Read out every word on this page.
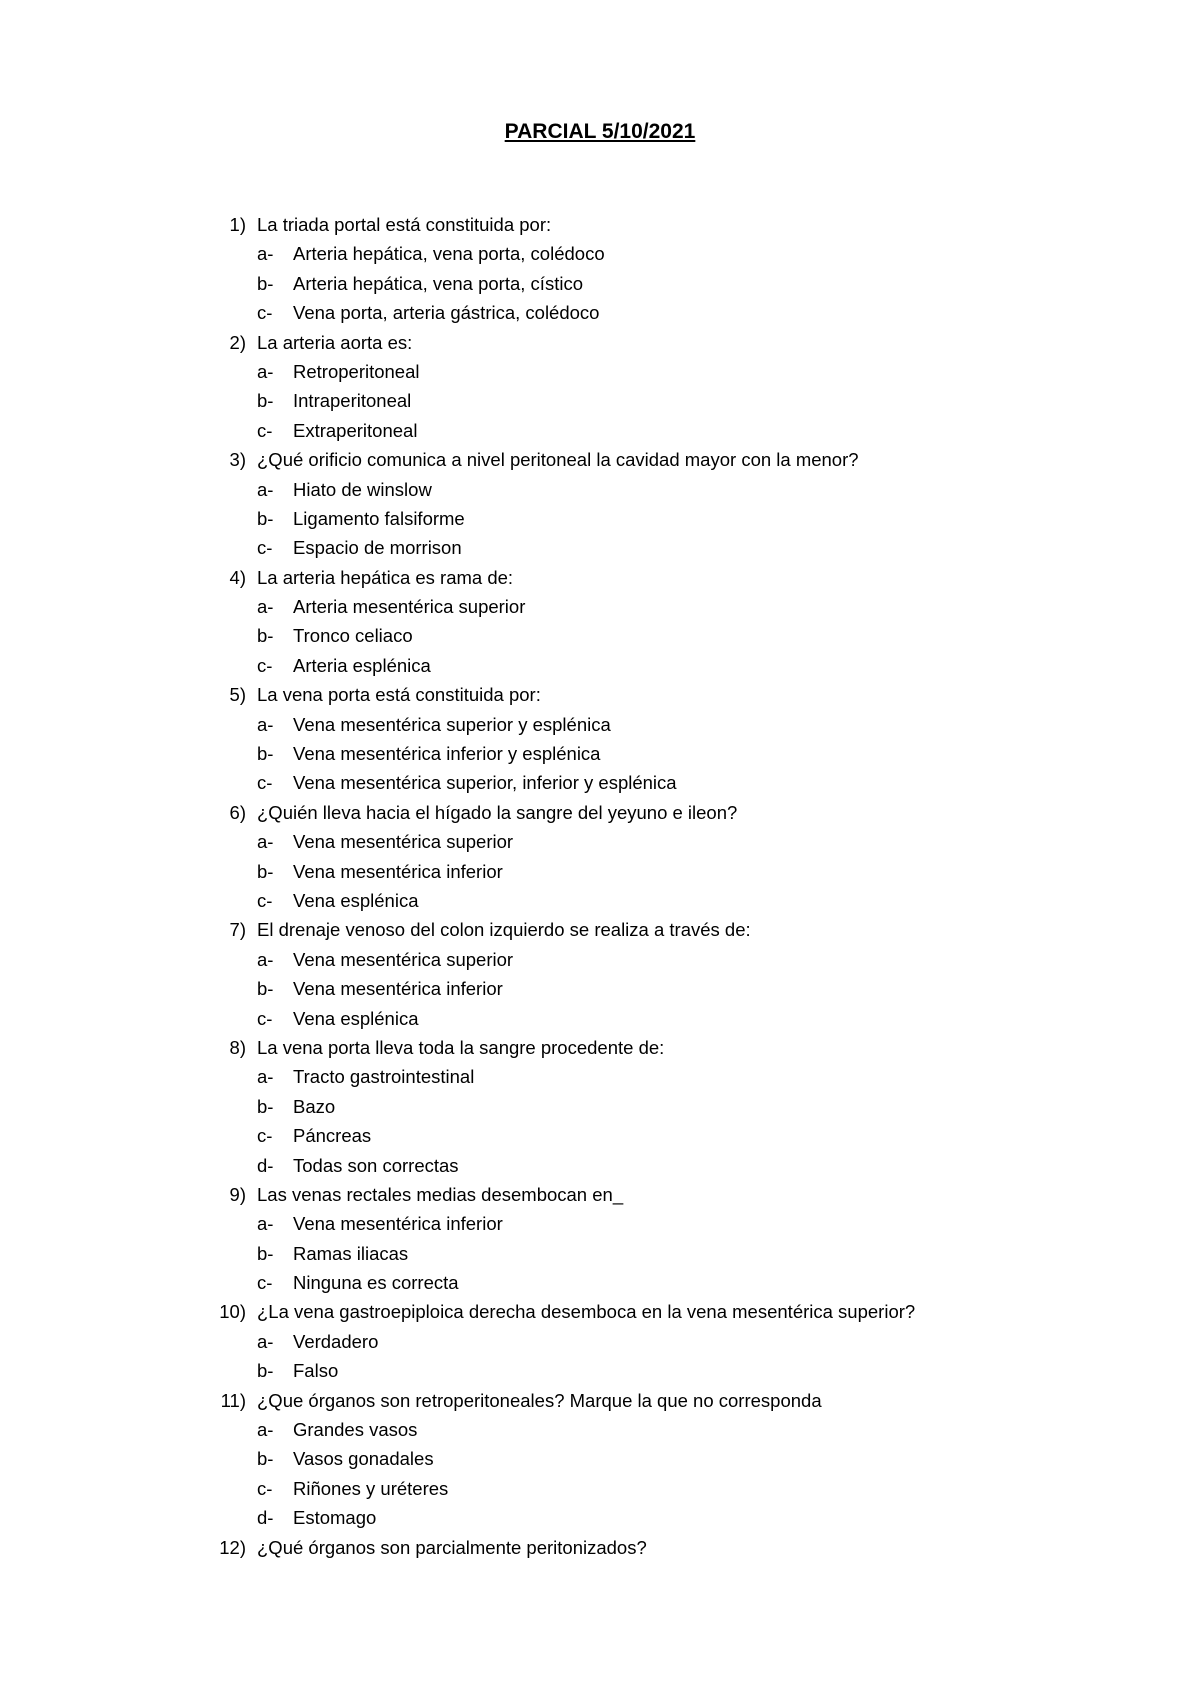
PARCIAL 5/10/2021
1) La triada portal está constituida por:
a-	Arteria hepática, vena porta, colédoco
b-	Arteria hepática, vena porta, cístico
c-	Vena porta, arteria gástrica, colédoco
2) La arteria aorta es:
a-	Retroperitoneal
b-	Intraperitoneal
c-	Extraperitoneal
3) ¿Qué orificio comunica a nivel peritoneal la cavidad mayor con la menor?
a-	Hiato de winslow
b-	Ligamento falsiforme
c-	Espacio de morrison
4) La arteria hepática es rama de:
a-	Arteria mesentérica superior
b-	Tronco celiaco
c-	Arteria esplénica
5) La vena porta está constituida por:
a-	Vena mesentérica superior y esplénica
b-	Vena mesentérica inferior y esplénica
c-	Vena mesentérica superior, inferior y esplénica
6) ¿Quién lleva hacia el hígado la sangre del yeyuno e ileon?
a-	Vena mesentérica superior
b-	Vena mesentérica inferior
c-	Vena esplénica
7) El drenaje venoso del colon izquierdo se realiza a través de:
a-	Vena mesentérica superior
b-	Vena mesentérica inferior
c-	Vena esplénica
8) La vena porta lleva toda la sangre procedente de:
a-	Tracto gastrointestinal
b-	Bazo
c-	Páncreas
d-	Todas son correctas
9) Las venas rectales medias desembocan en_
a-	Vena mesentérica inferior
b-	Ramas iliacas
c-	Ninguna es correcta
10) ¿La vena gastroepiploica derecha desemboca en la vena mesentérica superior?
a-	Verdadero
b-	Falso
11) ¿Que órganos son retroperitoneales? Marque la que no corresponda
a-	Grandes vasos
b-	Vasos gonadales
c-	Riñones y uréteres
d-	Estomago
12) ¿Qué órganos son parcialmente peritonizados?
